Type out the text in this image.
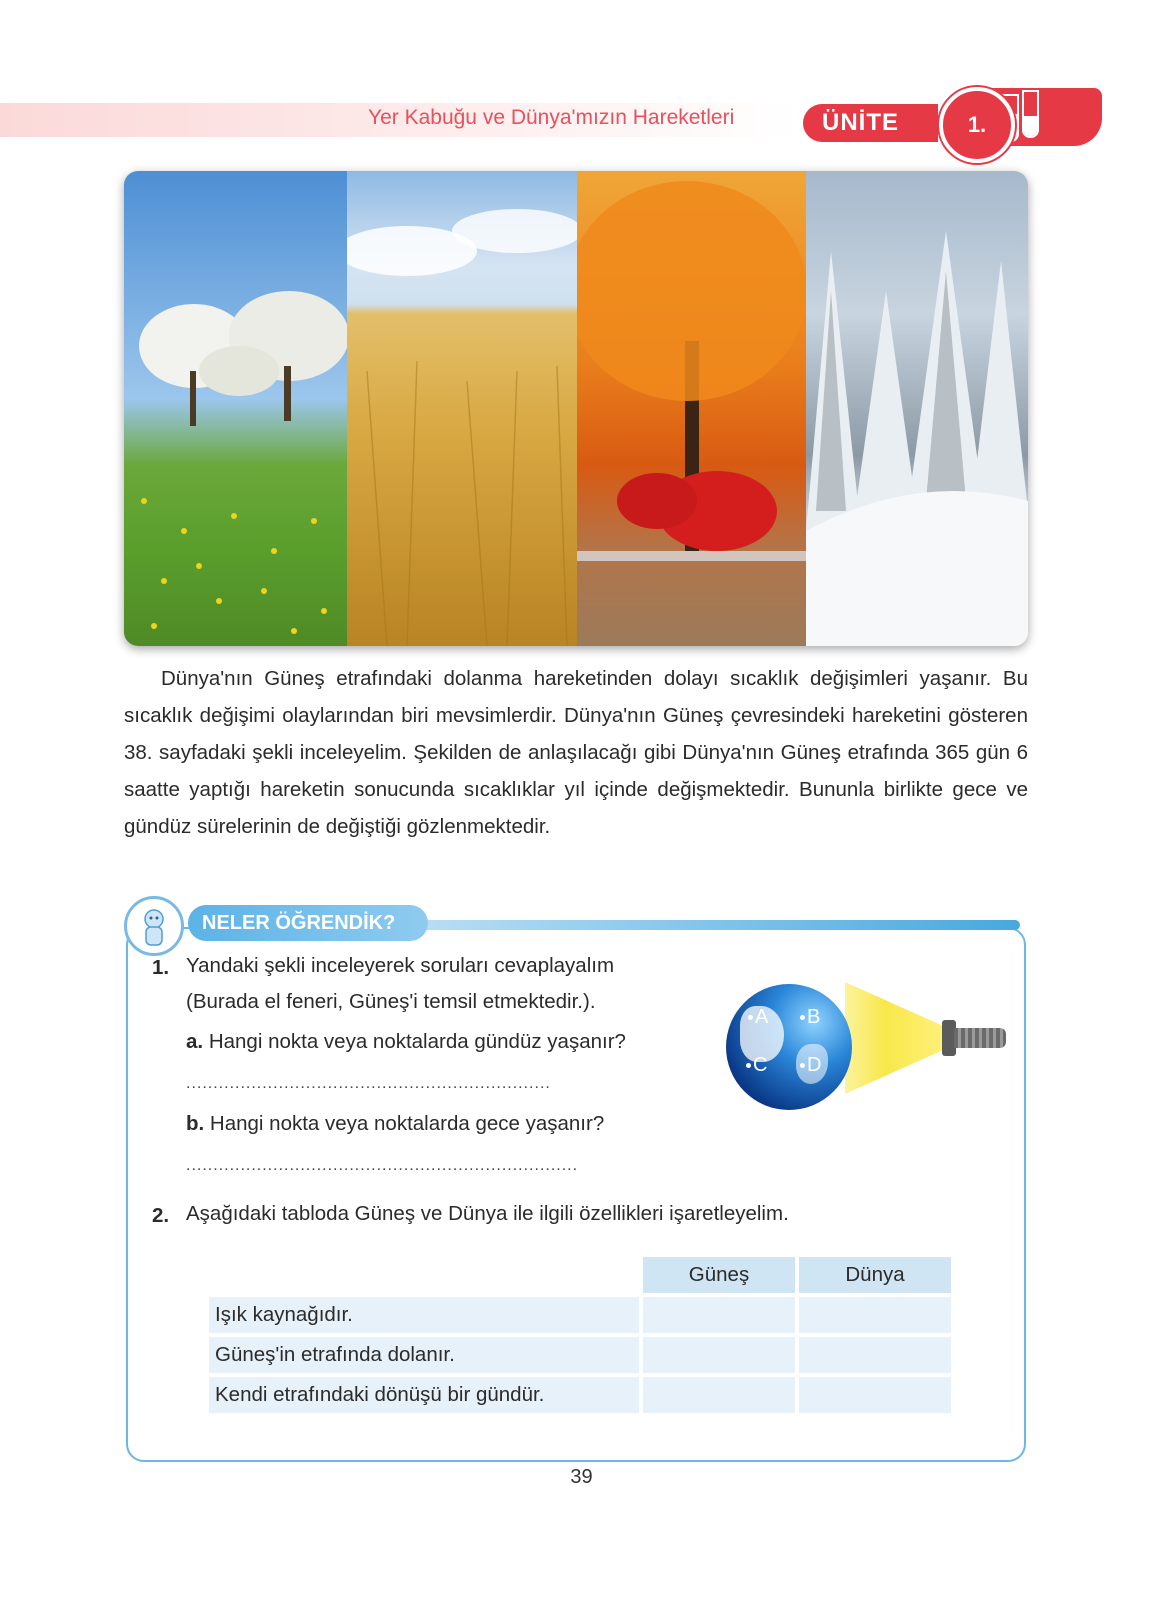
Yer Kabuğu ve Dünya'mızın Hareketleri	ÜNİTE	1.

Dünya'nın Güneş etrafındaki dolanma hareketinden dolayı sıcaklık değişimleri yaşanır. Bu sıcaklık değişimi olaylarından biri mevsimlerdir. Dünya'nın Güneş çevresindeki hareketini gösteren 38. sayfadaki şekli inceleyelim. Şekilden de anlaşılacağı gibi Dünya'nın Güneş etrafında 365 gün 6 saatte yaptığı hareketin sonucunda sıcaklıklar yıl içinde değişmektedir. Bununla birlikte gece ve gündüz sürelerinin de değiştiği gözlenmektedir.

NELER ÖĞRENDİK?
1. Yandaki şekli inceleyerek soruları cevaplayalım
(Burada el feneri, Güneş'i temsil etmektedir.).
a. Hangi nokta veya noktalarda gündüz yaşanır?
...................................................................
b. Hangi nokta veya noktalarda gece yaşanır?
........................................................................
A	B
C	D
2. Aşağıdaki tabloda Güneş ve Dünya ile ilgili özellikleri işaretleyelim.
	Güneş	Dünya
Işık kaynağıdır.		
Güneş'in etrafında dolanır.		
Kendi etrafındaki dönüşü bir gündür.		
39
